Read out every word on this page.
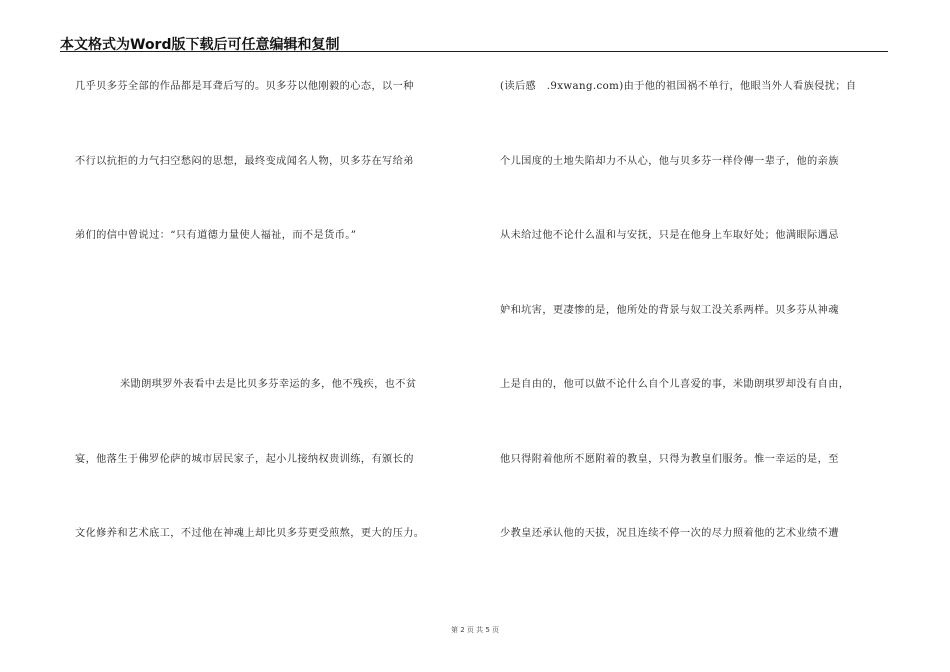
本文格式为Word版下载后可任意编辑和复制
几乎贝多芬全部的作品都是耳聋后写的。贝多芬以他刚毅的心态，以一种
不行以抗拒的力气扫空愁闷的思想，最终变成闻名人物，贝多芬在写给弟
弟们的信中曾说过：“只有道德力量使人福祉，而不是货币。”
米勖朗琪罗外表看中去是比贝多芬幸运的多，他不残疾，也不贫
宴，他落生于佛罗伦萨的城市居民家子，起小儿接纳权贵训练，有颁长的
文化修养和艺术底工，不过他在神魂上却比贝多芬更受煎熬，更大的压力。
(读后感　.9xwang.com)由于他的祖国祸不单行，他眼当外人看族侵扰；自
个儿国度的土地失陷却力不从心，他与贝多芬一样伶傳一辈子，他的亲族
从未给过他不论什么温和与安抚，只是在他身上车取好处；他满眼际遇忌
妒和坑害，更凄惨的是，他所处的背景与奴工没关系两样。贝多芬从神魂
上是自由的，他可以做不论什么自个儿喜爱的事，米勖朗琪罗却没有自由，
他只得附着他所不愿附着的教皇，只得为教皇们服务。惟一幸运的是，至
少教皇还承认他的天拔，况且连续不停一次的尽力照着他的艺术业绩不遭
第 2 页 共 5 页
